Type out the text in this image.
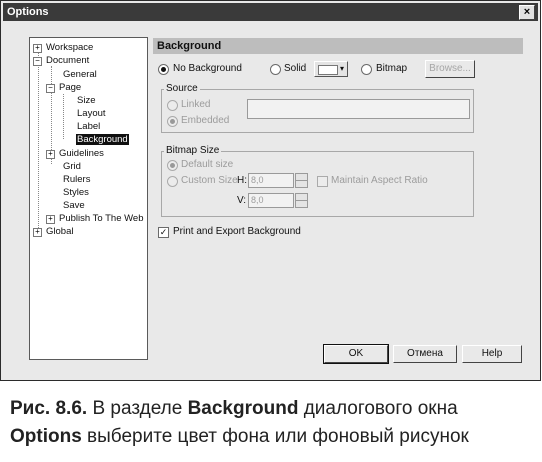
Options	×
+ Workspace
− Document
General
− Page
Size
Layout
Label
Background
+ Guidelines
Grid
Rulers
Styles
Save
+ Publish To The Web
+ Global
Background
No Background	Solid	▾	Bitmap	Browse...
Source
Linked
Embedded
Bitmap Size
Default size
Custom Size H: 8,0	Maintain Aspect Ratio
V: 8,0
✓ Print and Export Background
OK	Отмена	Help
Рис. 8.6. В разделе Background диалогового окна
Options выберите цвет фона или фоновый рисунок
